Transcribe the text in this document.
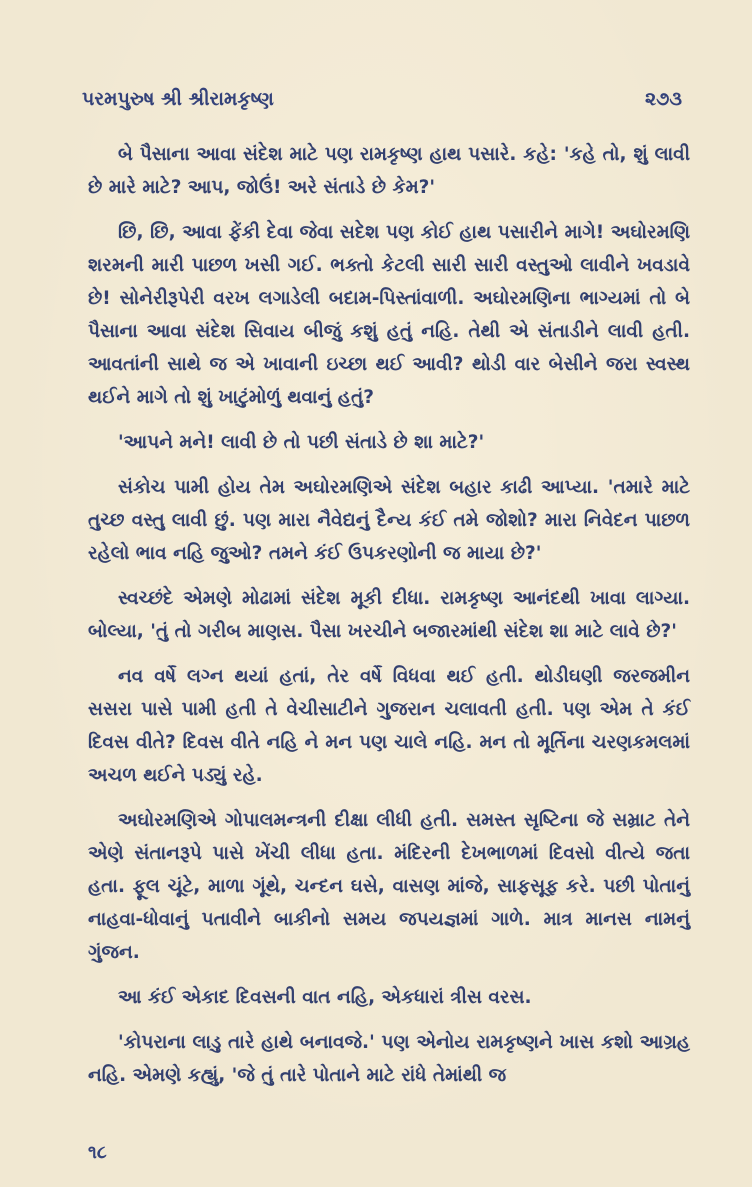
પરમપુરુષ શ્રી શ્રીરામકૃષ્ણ	૨૭૩

બે પૈસાના આવા સંદેશ માટે પણ રામકૃષ્ણ હાથ પસારે. કહે: 'કહે તો, શું લાવી છે મારે માટે? આપ, જોઉં! અરે સંતાડે છે કેમ?'

છિ, છિ, આવા ફેંકી દેવા જેવા સદેશ પણ કોઈ હાથ પસારીને માગે! અઘોરમણિ શરમની મારી પાછળ ખસી ગઈ. ભક્તો કેટલી સારી સારી વસ્તુઓ લાવીને ખવડાવે છે! સોનેરીરૂપેરી વરખ લગાડેલી બદામ-પિસ્તાંવાળી. અઘોરમણિના ભાગ્યમાં તો બે પૈસાના આવા સંદેશ સિવાય બીજું કશું હતું નહિ. તેથી એ સંતાડીને લાવી હતી. આવતાંની સાથે જ એ ખાવાની ઇચ્છા થઈ આવી? થોડી વાર બેસીને જરા સ્વસ્થ થઈને માગે તો શું ખાટુંમોળું થવાનું હતું?

'આપને મને! લાવી છે તો પછી સંતાડે છે શા માટે?'

સંકોચ પામી હોય તેમ અઘોરમણિએ સંદેશ બહાર કાઢી આપ્યા. 'તમારે માટે તુચ્છ વસ્તુ લાવી છું. પણ મારા નૈવેદ્યનું દૈન્ય કંઈ તમે જોશો? મારા નિવેદન પાછળ રહેલો ભાવ નહિ જુઓ? તમને કંઈ ઉપકરણોની જ માયા છે?'

સ્વચ્છંદે એમણે મોઢામાં સંદેશ મૂકી દીધા. રામકૃષ્ણ આનંદથી ખાવા લાગ્યા. બોલ્યા, 'તું તો ગરીબ માણસ. પૈસા ખરચીને બજારમાંથી સંદેશ શા માટે લાવે છે?'

નવ વર્ષે લગ્ન થયાં હતાં, તેર વર્ષે વિધવા થઈ હતી. થોડીઘણી જરજમીન સસરા પાસે પામી હતી તે વેચીસાટીને ગુજરાન ચલાવતી હતી. પણ એમ તે કંઈ દિવસ વીતે? દિવસ વીતે નહિ ને મન પણ ચાલે નહિ. મન તો મૂર્તિના ચરણકમલમાં અચળ થઈને પડ્યું રહે.

અઘોરમણિએ ગોપાલમન્ત્રની દીક્ષા લીધી હતી. સમસ્ત સૃષ્ટિના જે સમ્રાટ તેને એણે સંતાનરૂપે પાસે ખેંચી લીધા હતા. મંદિરની દેખભાળમાં દિવસો વીત્યે જતા હતા. ફૂલ ચૂંટે, માળા ગૂંથે, ચન્દન ઘસે, વાસણ માંજે, સાફસૂફ કરે. પછી પોતાનું નાહવા-ધોવાનું પતાવીને બાકીનો સમય જપયજ્ઞમાં ગાળે. માત્ર માનસ નામનું ગુંજન.

આ કંઈ એકાદ દિવસની વાત નહિ, એકધારાં ત્રીસ વરસ.

'કોપરાના લાડુ તારે હાથે બનાવજે.' પણ એનોય રામકૃષ્ણને ખાસ કશો આગ્રહ નહિ. એમણે કહ્યું, 'જે તું તારે પોતાને માટે રાંધે તેમાંથી જ

૧૮
